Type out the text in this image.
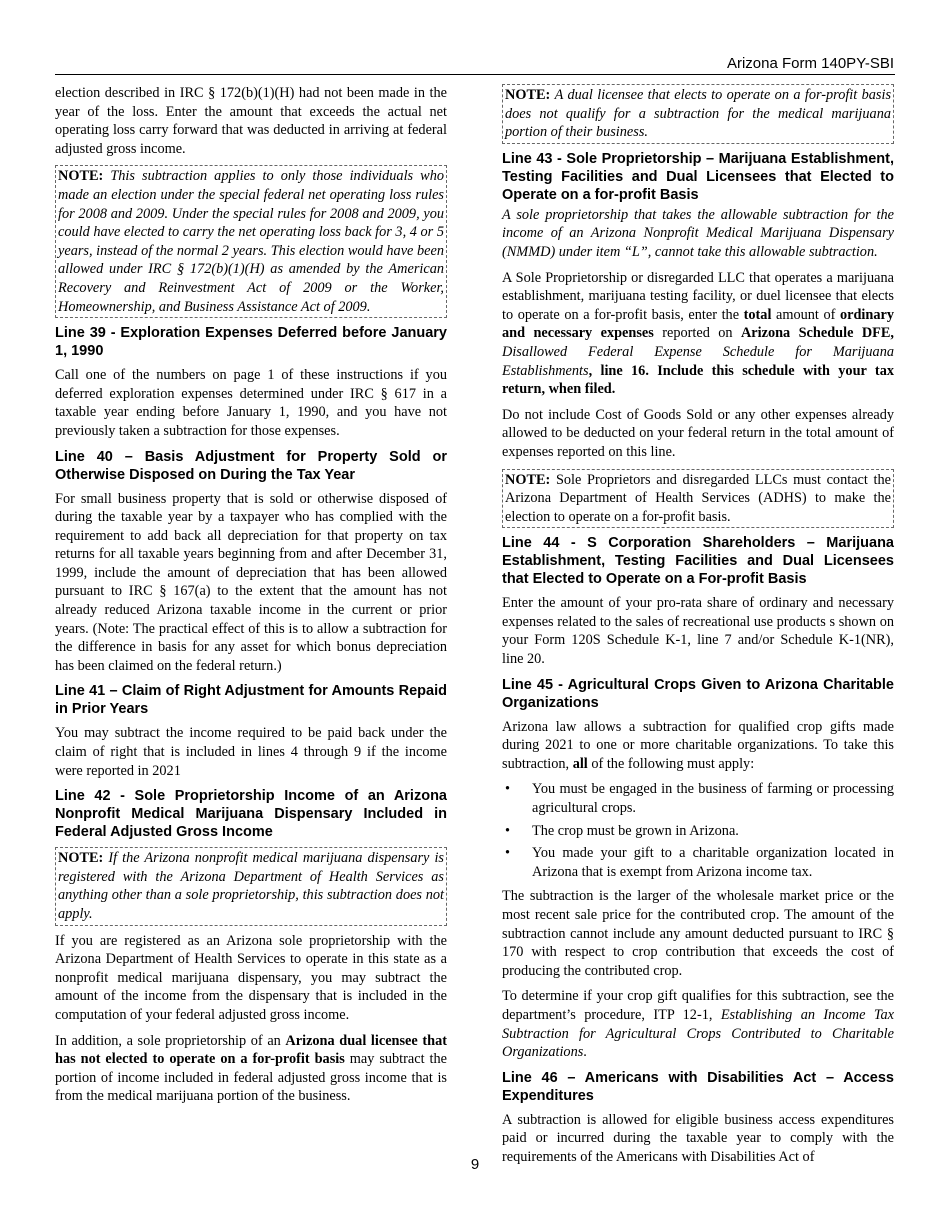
Arizona Form 140PY-SBI

election described in IRC § 172(b)(1)(H) had not been made in the year of the loss. Enter the amount that exceeds the actual net operating loss carry forward that was deducted in arriving at federal adjusted gross income.

NOTE: This subtraction applies to only those individuals who made an election under the special federal net operating loss rules for 2008 and 2009. Under the special rules for 2008 and 2009, you could have elected to carry the net operating loss back for 3, 4 or 5 years, instead of the normal 2 years. This election would have been allowed under IRC § 172(b)(1)(H) as amended by the American Recovery and Reinvestment Act of 2009 or the Worker, Homeownership, and Business Assistance Act of 2009.
Line 39 - Exploration Expenses Deferred before January 1, 1990

Call one of the numbers on page 1 of these instructions if you deferred exploration expenses determined under IRC § 617 in a taxable year ending before January 1, 1990, and you have not previously taken a subtraction for those expenses.

Line 40 – Basis Adjustment for Property Sold or Otherwise Disposed on During the Tax Year

For small business property that is sold or otherwise disposed of during the taxable year by a taxpayer who has complied with the requirement to add back all depreciation for that property on tax returns for all taxable years beginning from and after December 31, 1999, include the amount of depreciation that has been allowed pursuant to IRC § 167(a) to the extent that the amount has not already reduced Arizona taxable income in the current or prior years. (Note: The practical effect of this is to allow a subtraction for the difference in basis for any asset for which bonus depreciation has been claimed on the federal return.)

Line 41 – Claim of Right Adjustment for Amounts Repaid in Prior Years

You may subtract the income required to be paid back under the claim of right that is included in lines 4 through 9 if the income were reported in 2021

Line 42 - Sole Proprietorship Income of an Arizona Nonprofit Medical Marijuana Dispensary Included in Federal Adjusted Gross Income
NOTE: If the Arizona nonprofit medical marijuana dispensary is registered with the Arizona Department of Health Services as anything other than a sole proprietorship, this subtraction does not apply.

If you are registered as an Arizona sole proprietorship with the Arizona Department of Health Services to operate in this state as a nonprofit medical marijuana dispensary, you may subtract the amount of the income from the dispensary that is included in the computation of your federal adjusted gross income.

In addition, a sole proprietorship of an Arizona dual licensee that has not elected to operate on a for-profit basis may subtract the portion of income included in federal adjusted gross income that is from the medical marijuana portion of the business.

NOTE: A dual licensee that elects to operate on a for-profit basis does not qualify for a subtraction for the medical marijuana portion of their business.
Line 43 - Sole Proprietorship – Marijuana Establishment, Testing Facilities and Dual Licensees that Elected to Operate on a for-profit Basis

A sole proprietorship that takes the allowable subtraction for the income of an Arizona Nonprofit Medical Marijuana Dispensary (NMMD) under item “L”, cannot take this allowable subtraction.

A Sole Proprietorship or disregarded LLC that operates a marijuana establishment, marijuana testing facility, or duel licensee that elects to operate on a for-profit basis, enter the total amount of ordinary and necessary expenses reported on Arizona Schedule DFE, Disallowed Federal Expense Schedule for Marijuana Establishments, line 16. Include this schedule with your tax return, when filed.

Do not include Cost of Goods Sold or any other expenses already allowed to be deducted on your federal return in the total amount of expenses reported on this line.

NOTE: Sole Proprietors and disregarded LLCs must contact the Arizona Department of Health Services (ADHS) to make the election to operate on a for-profit basis.
Line 44 - S Corporation Shareholders – Marijuana Establishment, Testing Facilities and Dual Licensees that Elected to Operate on a For-profit Basis

Enter the amount of your pro-rata share of ordinary and necessary expenses related to the sales of recreational use products s shown on your Form 120S Schedule K-1, line 7 and/or Schedule K-1(NR), line 20.

Line 45 - Agricultural Crops Given to Arizona Charitable Organizations

Arizona law allows a subtraction for qualified crop gifts made during 2021 to one or more charitable organizations. To take this subtraction, all of the following must apply:

• You must be engaged in the business of farming or processing agricultural crops.
• The crop must be grown in Arizona.
• You made your gift to a charitable organization located in Arizona that is exempt from Arizona income tax.

The subtraction is the larger of the wholesale market price or the most recent sale price for the contributed crop. The amount of the subtraction cannot include any amount deducted pursuant to IRC § 170 with respect to crop contribution that exceeds the cost of producing the contributed crop.

To determine if your crop gift qualifies for this subtraction, see the department’s procedure, ITP 12-1, Establishing an Income Tax Subtraction for Agricultural Crops Contributed to Charitable Organizations.

Line 46 – Americans with Disabilities Act – Access Expenditures

A subtraction is allowed for eligible business access expenditures paid or incurred during the taxable year to comply with the requirements of the Americans with Disabilities Act of

9
